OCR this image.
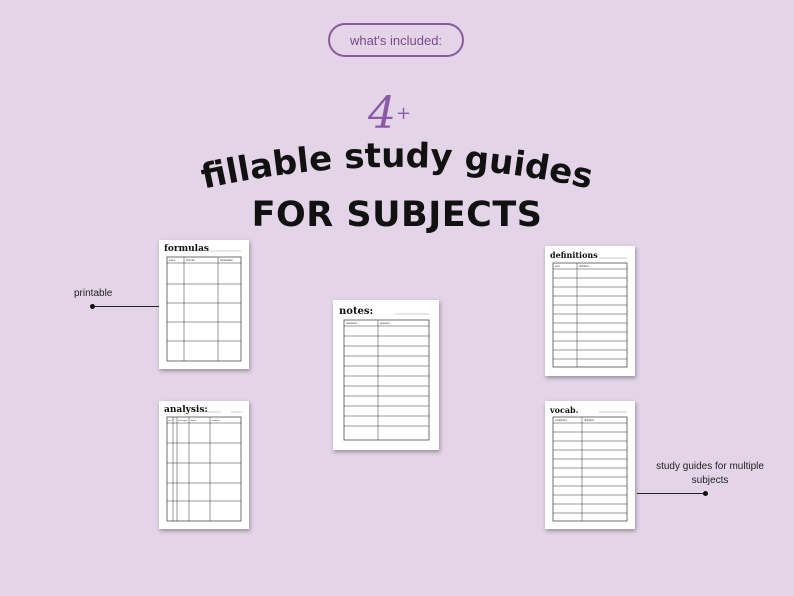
what's included:
4+
fillable study guides
FOR SUBJECTS
formulas
name	formula	explanation
analysis:
sig. #	technique	quote	analysis
notes:
questions	answers
definitions
term	definition
vocab.
vocabulary	definition
printable
study guides for multiple
subjects
